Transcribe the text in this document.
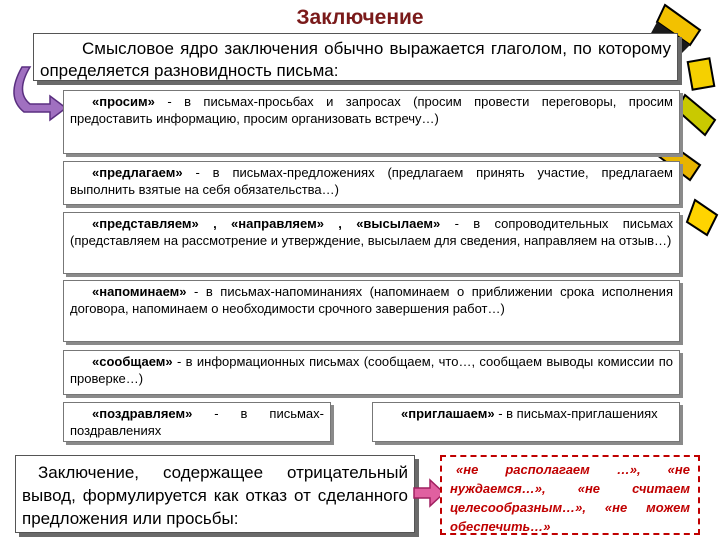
Заключение
Смысловое ядро заключения обычно выражается глаголом, по которому определяется разновидность письма:
«просим» - в письмах-просьбах и запросах (просим провести переговоры, просим предоставить информацию, просим организовать встречу…)
«предлагаем» - в письмах-предложениях (предлагаем принять участие, предлагаем выполнить взятые на себя обязательства…)
«представляем» , «направляем» , «высылаем» - в сопроводительных письмах (представляем на рассмотрение и утверждение, высылаем для сведения, направляем на отзыв…)
«напоминаем» - в письмах-напоминаниях (напоминаем о приближении срока исполнения договора, напоминаем о необходимости срочного завершения работ…)
«сообщаем» - в информационных письмах (сообщаем, что…, сообщаем выводы комиссии по проверке…)
«поздравляем» - в письмах-поздравлениях
«приглашаем» - в письмах-приглашениях
Заключение, содержащее отрицательный вывод, формулируется как отказ от сделанного предложения или просьбы:
«не располагаем …», «не нуждаемся…», «не считаем целесообразным…», «не можем обеспечить…»
